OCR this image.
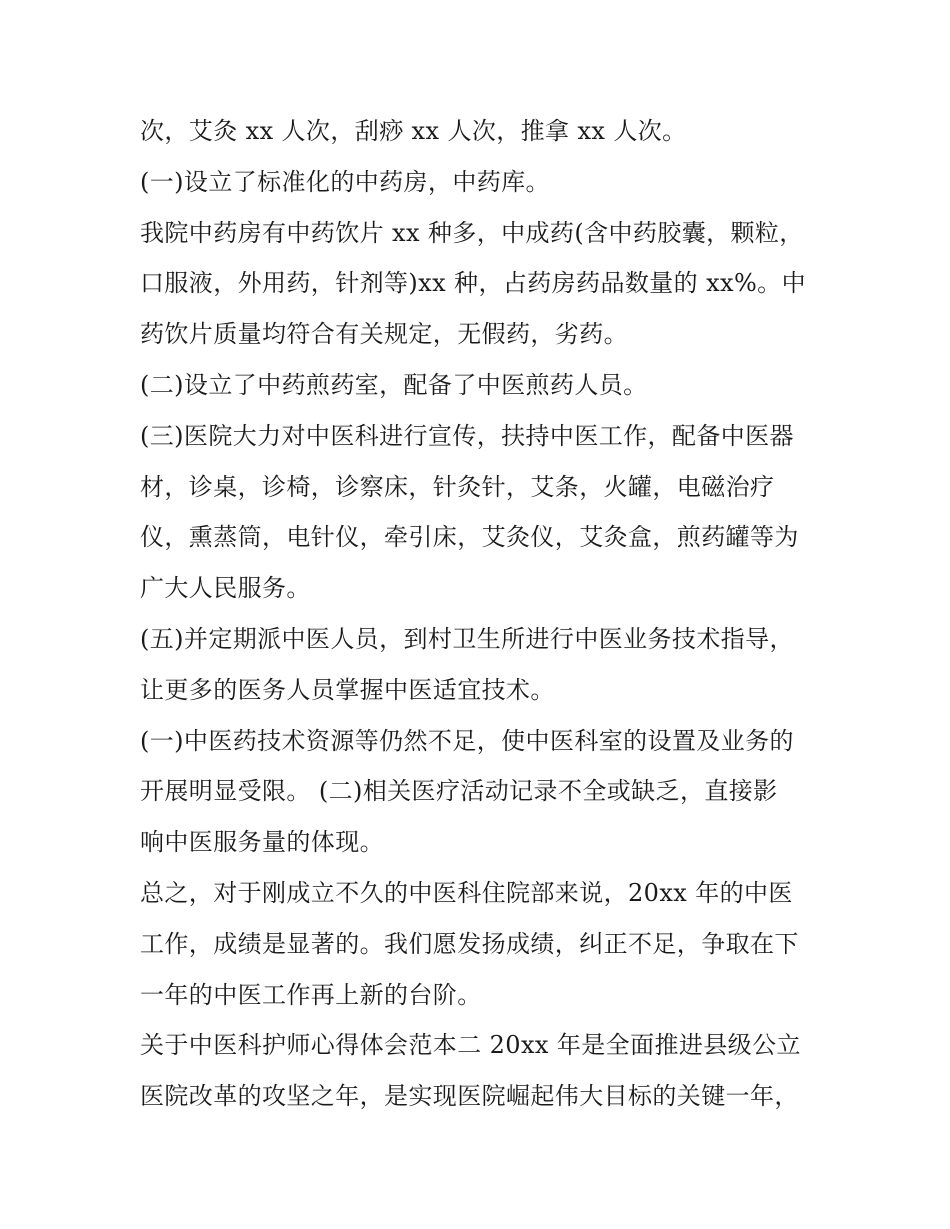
次，艾灸 xx 人次，刮痧 xx 人次，推拿 xx 人次。
(一)设立了标准化的中药房，中药库。
我院中药房有中药饮片 xx 种多，中成药(含中药胶囊，颗粒，
口服液，外用药，针剂等)xx 种，占药房药品数量的 xx%。中
药饮片质量均符合有关规定，无假药，劣药。
(二)设立了中药煎药室，配备了中医煎药人员。
(三)医院大力对中医科进行宣传，扶持中医工作，配备中医器
材，诊桌，诊椅，诊察床，针灸针，艾条，火罐，电磁治疗
仪，熏蒸筒，电针仪，牵引床，艾灸仪，艾灸盒，煎药罐等为
广大人民服务。
(五)并定期派中医人员，到村卫生所进行中医业务技术指导，
让更多的医务人员掌握中医适宜技术。
(一)中医药技术资源等仍然不足，使中医科室的设置及业务的
开展明显受限。 (二)相关医疗活动记录不全或缺乏，直接影
响中医服务量的体现。
总之，对于刚成立不久的中医科住院部来说，20xx 年的中医
工作，成绩是显著的。我们愿发扬成绩，纠正不足，争取在下
一年的中医工作再上新的台阶。
关于中医科护师心得体会范本二 20xx 年是全面推进县级公立
医院改革的攻坚之年，是实现医院崛起伟大目标的关键一年，
